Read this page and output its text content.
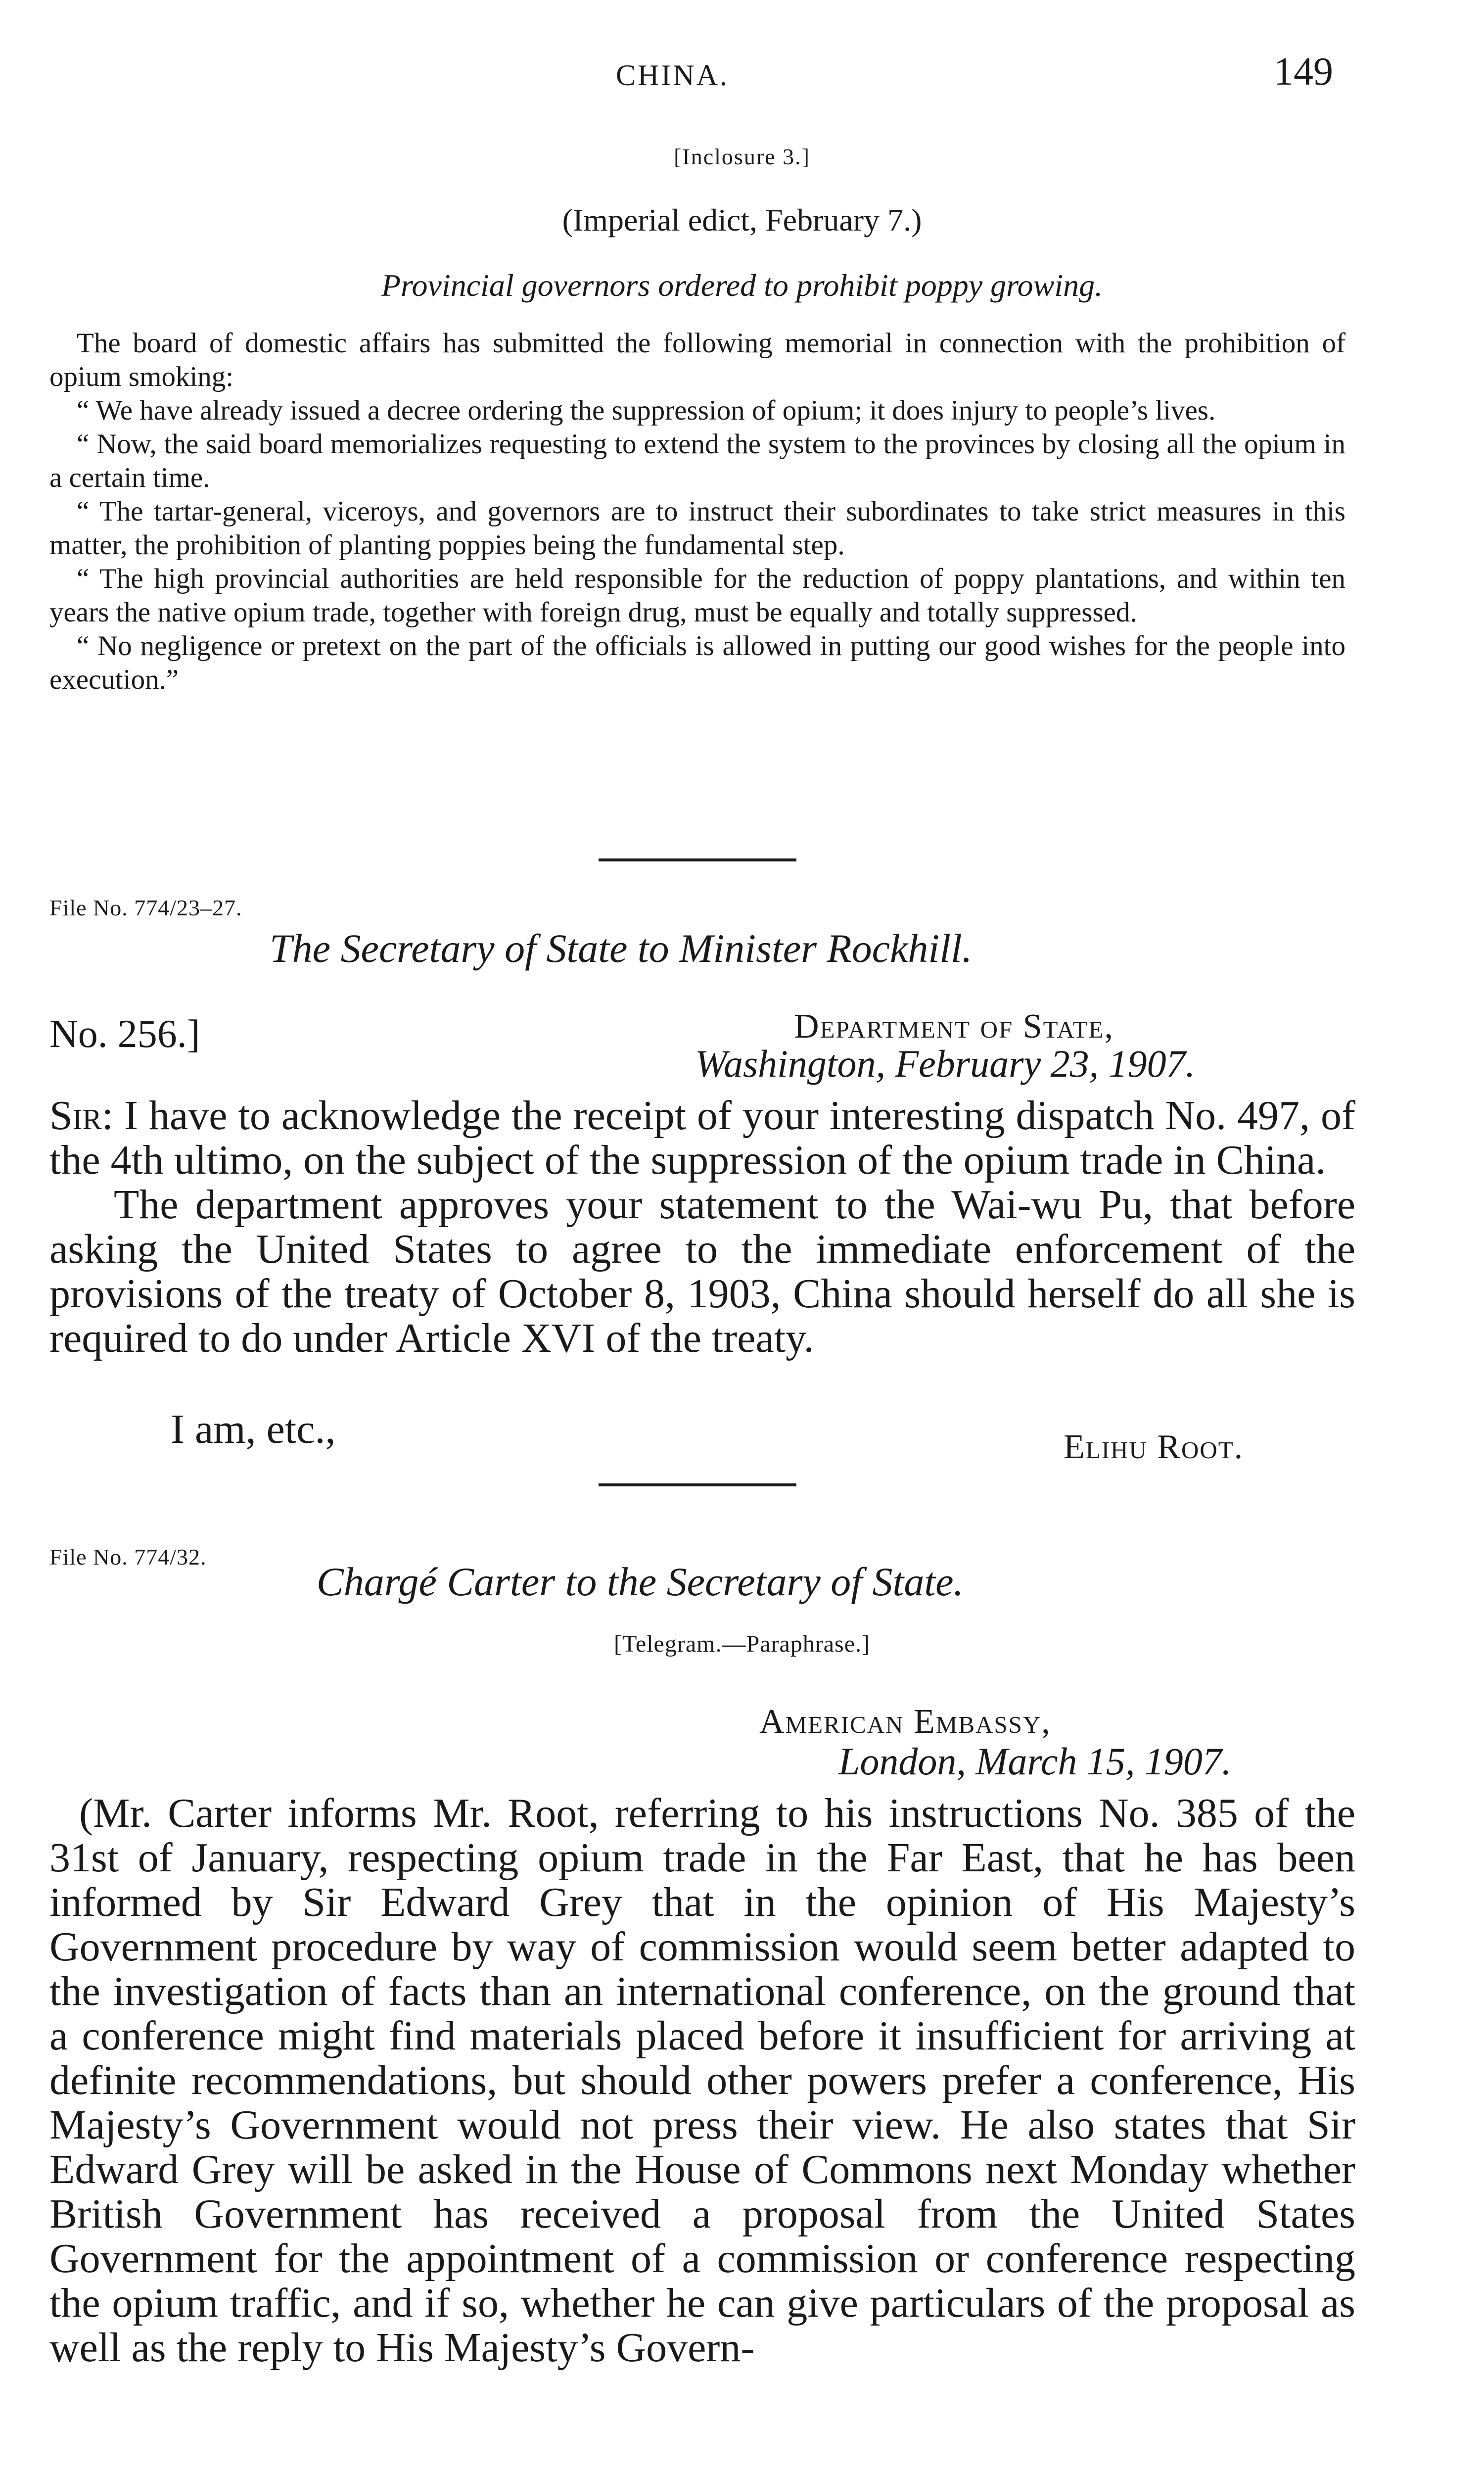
CHINA.	149
[Inclosure 3.]
(Imperial edict, February 7.)
Provincial governors ordered to prohibit poppy growing.

The board of domestic affairs has submitted the following memorial in connection with the prohibition of opium smoking:

“ We have already issued a decree ordering the suppression of opium; it does injury to people’s lives.

“ Now, the said board memorializes requesting to extend the system to the provinces by closing all the opium in a certain time.

“ The tartar-general, viceroys, and governors are to instruct their subordinates to take strict measures in this matter, the prohibition of planting poppies being the fundamental step.

“ The high provincial authorities are held responsible for the reduction of poppy plantations, and within ten years the native opium trade, together with foreign drug, must be equally and totally suppressed.

“ No negligence or pretext on the part of the officials is allowed in putting our good wishes for the people into execution.”

File No. 774/23–27.
The Secretary of State to Minister Rockhill.
No. 256.]	Department of State,
Washington, February 23, 1907.

Sir: I have to acknowledge the receipt of your interesting dispatch No. 497, of the 4th ultimo, on the subject of the suppression of the opium trade in China.

The department approves your statement to the Wai-wu Pu, that before asking the United States to agree to the immediate enforcement of the provisions of the treaty of October 8, 1903, China should herself do all she is required to do under Article XVI of the treaty.

I am, etc.,	Elihu Root.
File No. 774/32.
Chargé Carter to the Secretary of State.
[Telegram.—Paraphrase.]
American Embassy,
London, March 15, 1907.

(Mr. Carter informs Mr. Root, referring to his instructions No. 385 of the 31st of January, respecting opium trade in the Far East, that he has been informed by Sir Edward Grey that in the opinion of His Majesty’s Government procedure by way of commission would seem better adapted to the investigation of facts than an international conference, on the ground that a conference might find materials placed before it insufficient for arriving at definite recommendations, but should other powers prefer a conference, His Majesty’s Government would not press their view. He also states that Sir Edward Grey will be asked in the House of Commons next Monday whether British Government has received a proposal from the United States Government for the appointment of a commission or conference respecting the opium traffic, and if so, whether he can give particulars of the proposal as well as the reply to His Majesty’s Govern-
